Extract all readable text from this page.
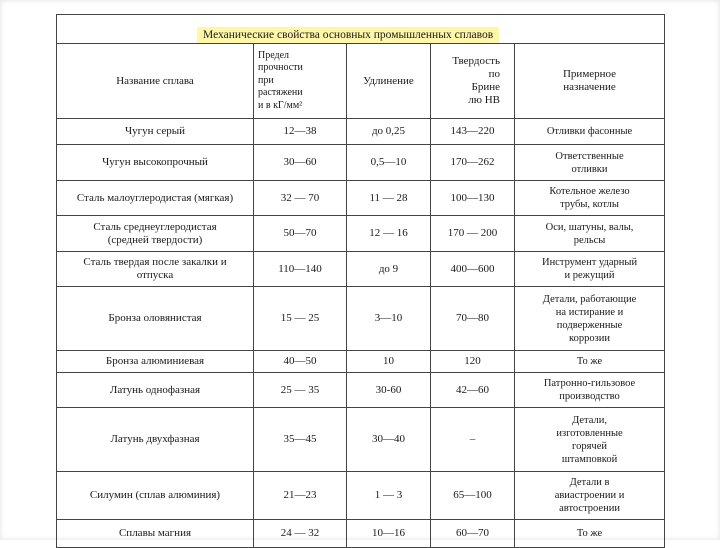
Механические свойства основных промышленных сплавов				

Название сплава	Предел
прочности
при
растяжени
и в кГ/мм²	Удлинение	Твердость
по
Брине
лю НВ	Примерное
назначение
Чугун серый	12—38	до 0,25	143—220	Отливки фасонные
Чугун высокопрочный	30—60	0,5—10	170—262	Ответственные
отливки
Сталь малоуглеродистая (мягкая)	32 — 70	11 — 28	100—130	Котельное железо
трубы, котлы
Сталь среднеуглеродистая
(средней твердости)	50—70	12 — 16	170 — 200	Оси, шатуны, валы,
рельсы
Сталь твердая после закалки и
отпуска	110—140	до 9	400—600	Инструмент ударный
и режущий
Бронза оловянистая	15 — 25	3—10	70—80	Детали, работающие
на истирание и
подверженные
коррозии
Бронза алюминиевая	40—50	10	120	То же
Латунь однофазная	25 — 35	30-60	42—60	Патронно-гильзовое
производство
Латунь двухфазная	35—45	30—40	–	Детали,
изготовленные
горячей
штамповкой
Силумин (сплав алюминия)	21—23	1 — 3	65—100	Детали в
авиастроении и
автостроении
Сплавы магния	24 — 32	10—16	60—70	То же
